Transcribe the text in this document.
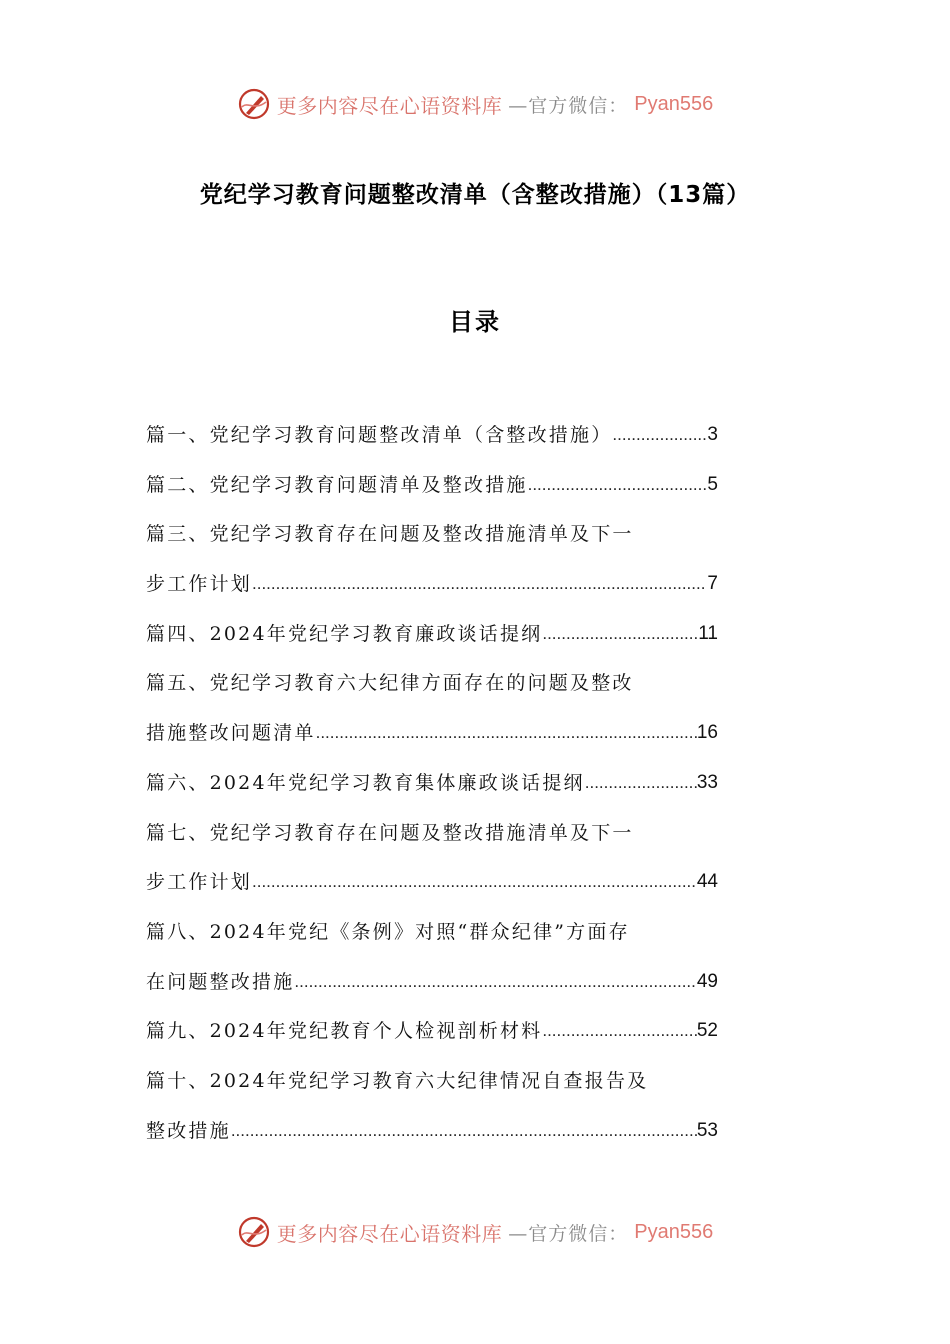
更多内容尽在心语资料库 —官方微信： Pyan556
党纪学习教育问题整改清单（含整改措施）（13篇）
目录
篇一、党纪学习教育问题整改清单（含整改措施） .....	3
篇二、党纪学习教育问题清单及整改措施 .....	5
篇三、党纪学习教育存在问题及整改措施清单及下一
步工作计划 .....	7
篇四、2024年党纪学习教育廉政谈话提纲 .....	11
篇五、党纪学习教育六大纪律方面存在的问题及整改
措施整改问题清单 .....	16
篇六、2024年党纪学习教育集体廉政谈话提纲 .....	33
篇七、党纪学习教育存在问题及整改措施清单及下一
步工作计划 .....	44
篇八、2024年党纪《条例》对照“群众纪律”方面存
在问题整改措施 .....	49
篇九、2024年党纪教育个人检视剖析材料 .....	52
篇十、2024年党纪学习教育六大纪律情况自查报告及
整改措施 .....	53
更多内容尽在心语资料库 —官方微信： Pyan556
